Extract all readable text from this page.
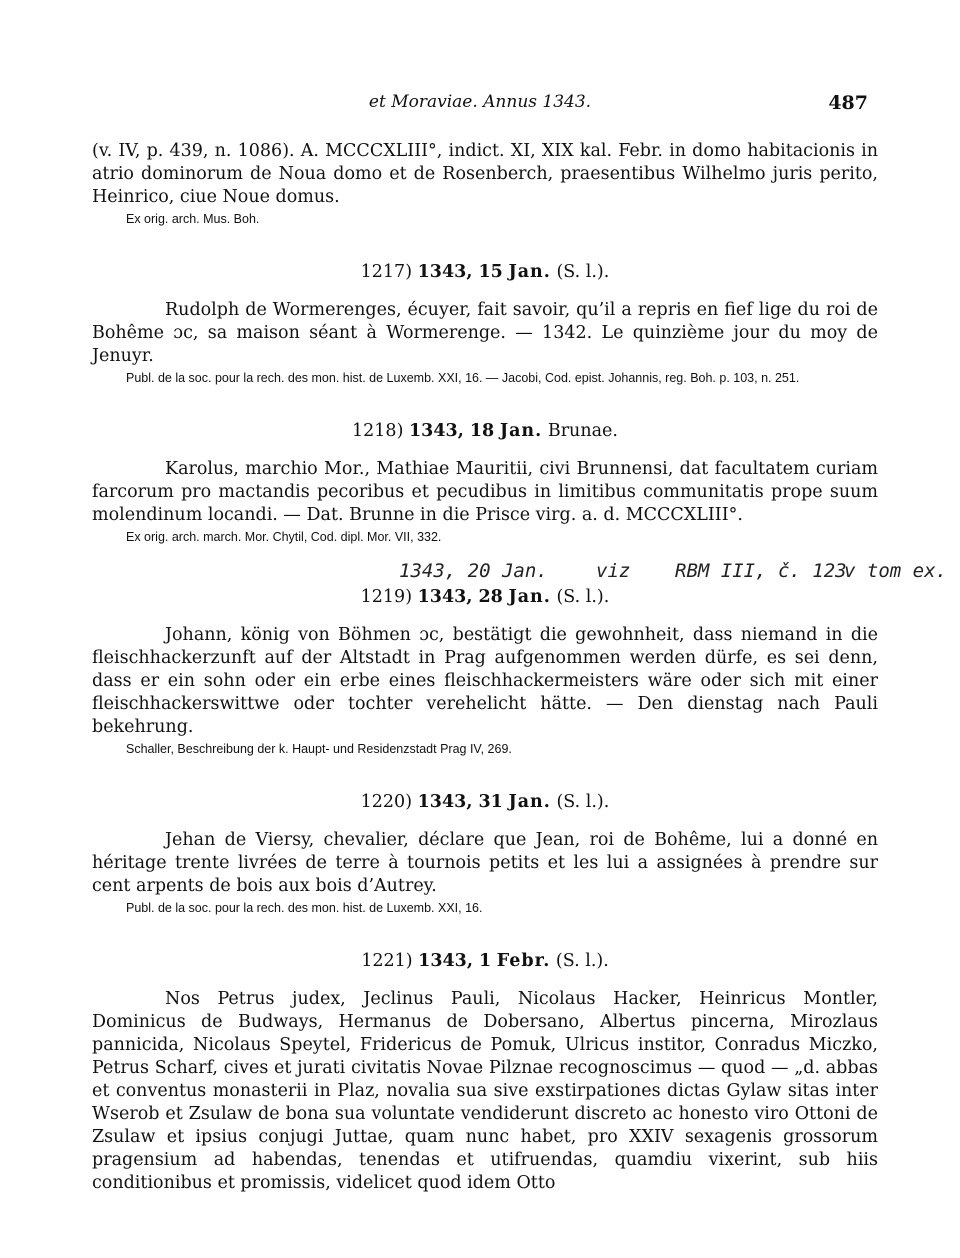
et Moraviae. Annus 1343.	487

(v. IV, p. 439, n. 1086). A. MCCCXLIII°, indict. XI, XIX kal. Febr. in domo habitacionis in atrio dominorum de Noua domo et de Rosenberch, praesentibus Wilhelmo juris perito, Heinrico, ciue Noue domus.

Ex orig. arch. Mus. Boh.

1217) 1343, 15 Jan. (S. l.).

Rudolph de Wormerenges, écuyer, fait savoir, qu’il a repris en fief lige du roi de Bohême ɔc, sa maison séant à Wormerenge. — 1342. Le quinzième jour du moy de Jenuyr.

Publ. de la soc. pour la rech. des mon. hist. de Luxemb. XXI, 16. — Jacobi, Cod. epist. Johannis, reg. Boh. p. 103, n. 251.

1218) 1343, 18 Jan. Brunae.

Karolus, marchio Mor., Mathiae Mauritii, civi Brunnensi, dat facultatem curiam farcorum pro mactandis pecoribus et pecudibus in limitibus communitatis prope suum molendinum locandi. — Dat. Brunne in die Prisce virg. a. d. MCCCXLIII°.

Ex orig. arch. march. Mor. Chytil, Cod. dipl. Mor. VII, 332.

1343, 20 Jan.	viz RBM III, č. 123
v tom ex.
1219) 1343, 28 Jan. (S. l.).

Johann, könig von Böhmen ɔc, bestätigt die gewohnheit, dass niemand in die fleischhackerzunft auf der Altstadt in Prag aufgenommen werden dürfe, es sei denn, dass er ein sohn oder ein erbe eines fleischhackermeisters wäre oder sich mit einer fleischhackerswittwe oder tochter verehelicht hätte. — Den dienstag nach Pauli bekehrung.

Schaller, Beschreibung der k. Haupt- und Residenzstadt Prag IV, 269.

1220) 1343, 31 Jan. (S. l.).

Jehan de Viersy, chevalier, déclare que Jean, roi de Bohême, lui a donné en héritage trente livrées de terre à tournois petits et les lui a assignées à prendre sur cent arpents de bois aux bois d’Autrey.

Publ. de la soc. pour la rech. des mon. hist. de Luxemb. XXI, 16.

1221) 1343, 1 Febr. (S. l.).

Nos Petrus judex, Jeclinus Pauli, Nicolaus Hacker, Heinricus Montler, Dominicus de Budways, Hermanus de Dobersano, Albertus pincerna, Mirozlaus pannicida, Nicolaus Speytel, Fridericus de Pomuk, Ulricus institor, Conradus Miczko, Petrus Scharf, cives et jurati civitatis Novae Pilznae recognoscimus — quod — „d. abbas et conventus monasterii in Plaz, novalia sua sive exstirpationes dictas Gylaw sitas inter Wserob et Zsulaw de bona sua voluntate vendiderunt discreto ac honesto viro Ottoni de Zsulaw et ipsius conjugi Juttae, quam nunc habet, pro XXIV sexagenis grossorum pragensium ad habendas, tenendas et utifruendas, quamdiu vixerint, sub hiis conditionibus et promissis, videlicet quod idem Otto
